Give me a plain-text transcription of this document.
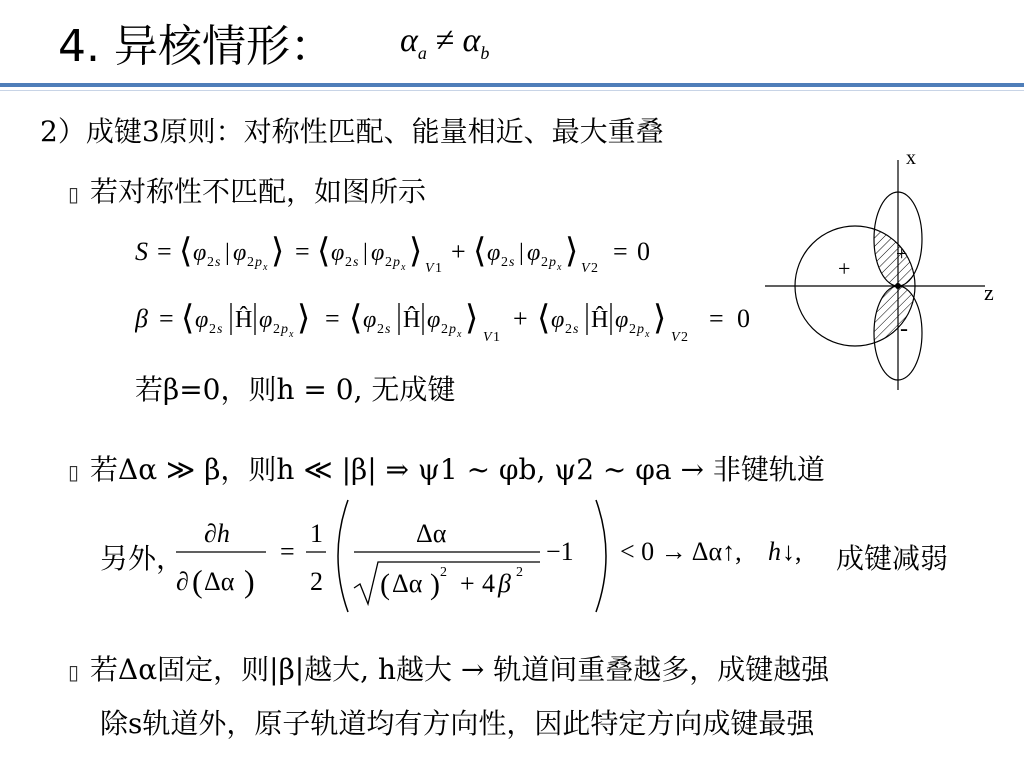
4. 异核情形： $\alpha_a \ne \alpha_b$
2）成键3原则：对称性匹配、能量相近、最大重叠
▯ 若对称性不匹配，如图所示
S = ⟨ φ 2 s | φ 2 p x ⟩ = ⟨ φ 2 s | φ 2 p x ⟩ V 1
+ ⟨ φ 2 s | φ 2 p x ⟩ V 2
= 0
β = ⟨ φ 2 s Ĥ φ 2 p x ⟩ = ⟨ φ 2 s Ĥ φ 2 p x ⟩
V 1
+ ⟨ φ 2 s Ĥ φ 2 p x ⟩
V 2
= 0
若β=0，则h = 0, 无成键
x
z
+
+
-
▯ 若Δα ≫ β，则h ≪ |β| ⇒ ψ1 ~ φb, ψ2 ~ φa → 非键轨道
另外，
∂h
∂ ( Δα )
=
1
2
Δα
( Δα ) 2 + 4 β 2
−1 < 0 → Δα↑, h ↓, 成键减弱
▯ 若Δα固定，则|β|越大, h越大 → 轨道间重叠越多，成键越强
除s轨道外，原子轨道均有方向性，因此特定方向成键最强
